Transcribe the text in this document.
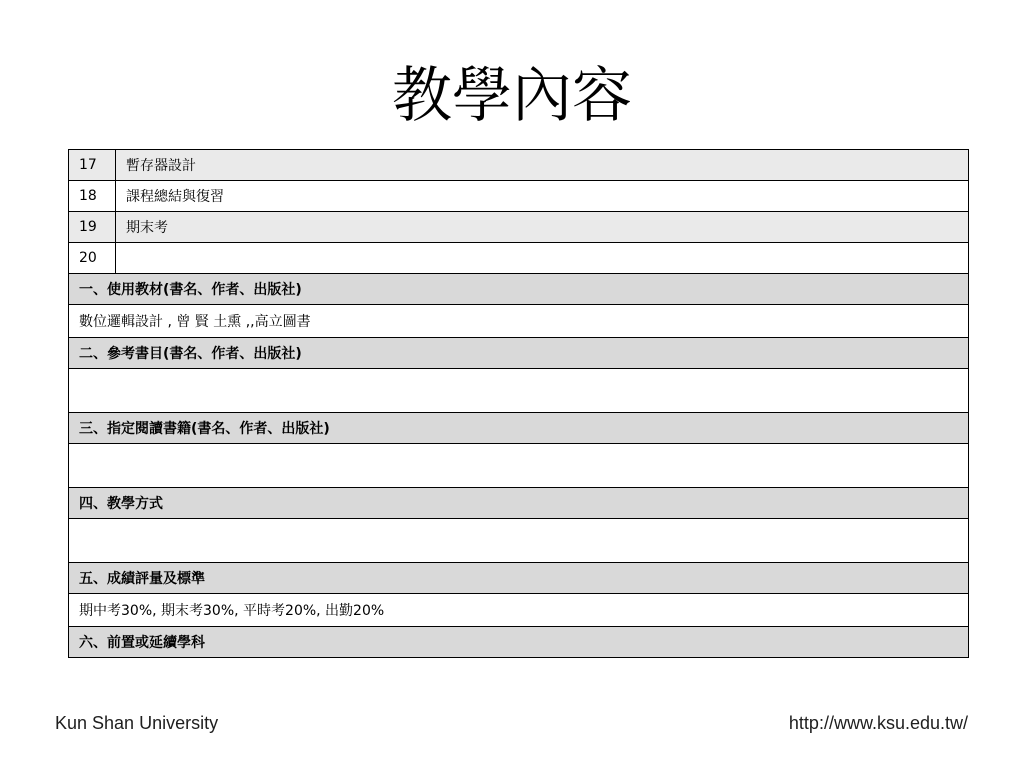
教學內容
17	暫存器設計
18	課程總結與復習
19	期末考
20	
一、使用教材(書名、作者、出版社)	
數位邏輯設計 , 曾 賢 土熏 ,,高立圖書	
二、參考書目(書名、作者、出版社)	

三、指定閱讀書籍(書名、作者、出版社)	

四、教學方式	

五、成績評量及標準	
期中考30%, 期末考30%, 平時考20%, 出勤20%	
六、前置或延續學科	
Kun Shan University	http://www.ksu.edu.tw/
